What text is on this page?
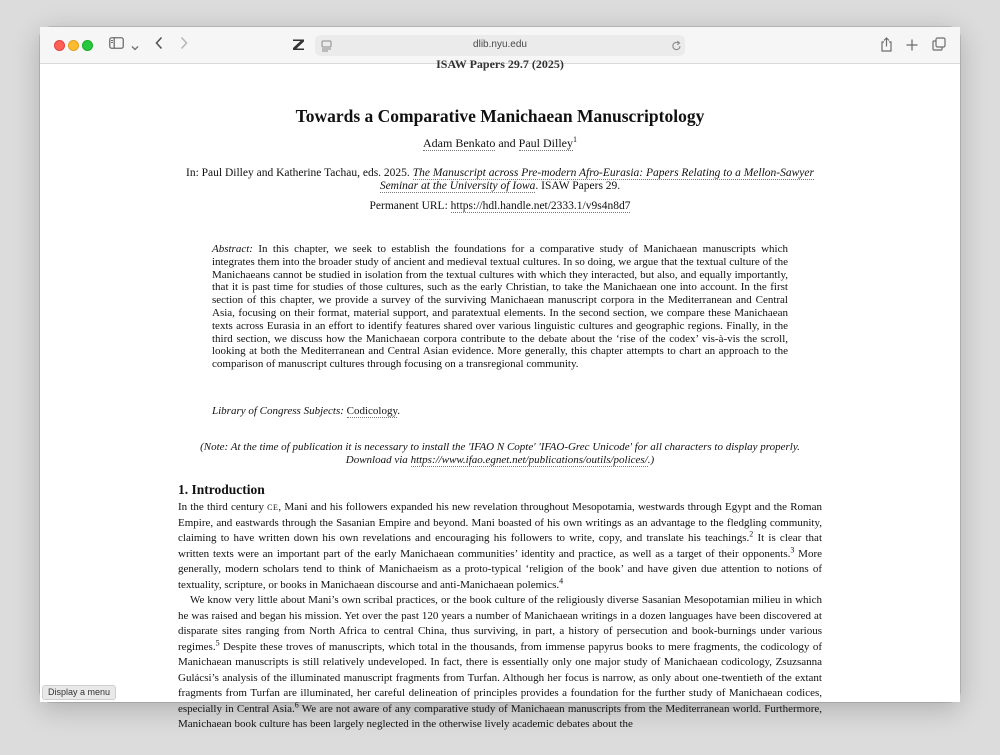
dlib.nyu.edu
ISAW Papers 29.7 (2025)
Towards a Comparative Manichaean Manuscriptology
Adam Benkato and Paul Dilley$^1$
In: Paul Dilley and Katherine Tachau, eds. 2025. The Manuscript across Pre-modern Afro-Eurasia: Papers Relating to a Mellon-Sawyer Seminar at the University of Iowa. ISAW Papers 29.
Permanent URL: https://hdl.handle.net/2333.1/v9s4n8d7
Abstract: In this chapter, we seek to establish the foundations for a comparative study of Manichaean manuscripts which integrates them into the broader study of ancient and medieval textual cultures. In so doing, we argue that the textual culture of the Manichaeans cannot be studied in isolation from the textual cultures with which they interacted, but also, and equally importantly, that it is past time for studies of those cultures, such as the early Christian, to take the Manichaean one into account. In the first section of this chapter, we provide a survey of the surviving Manichaean manuscript corpora in the Mediterranean and Central Asia, focusing on their format, material support, and paratextual elements. In the second section, we compare these Manichaean texts across Eurasia in an effort to identify features shared over various linguistic cultures and geographic regions. Finally, in the third section, we discuss how the Manichaean corpora contribute to the debate about the ‘rise of the codex’ vis-à-vis the scroll, looking at both the Mediterranean and Central Asian evidence. More generally, this chapter attempts to chart an approach to the comparison of manuscript cultures through focusing on a transregional community.
Library of Congress Subjects: Codicology.
(Note: At the time of publication it is necessary to install the 'IFAO N Copte' 'IFAO-Grec Unicode' for all characters to display properly. Download via https://www.ifao.egnet.net/publications/outils/polices/.)
1. Introduction

In the third century CE, Mani and his followers expanded his new revelation throughout Mesopotamia, westwards through Egypt and the Roman Empire, and eastwards through the Sasanian Empire and beyond. Mani boasted of his own writings as an advantage to the fledgling community, claiming to have written down his own revelations and encouraging his followers to write, copy, and translate his teachings.$^2$ It is clear that written texts were an important part of the early Manichaean communities’ identity and practice, as well as a target of their opponents.$^3$ More generally, modern scholars tend to think of Manichaeism as a proto-typical ‘religion of the book’ and have given due attention to notions of textuality, scripture, or books in Manichaean discourse and anti-Manichaean polemics.$^4$

We know very little about Mani’s own scribal practices, or the book culture of the religiously diverse Sasanian Mesopotamian milieu in which he was raised and began his mission. Yet over the past 120 years a number of Manichaean writings in a dozen languages have been discovered at disparate sites ranging from North Africa to central China, thus surviving, in part, a history of persecution and book-burnings under various regimes.$^5$ Despite these troves of manuscripts, which total in the thousands, from immense papyrus books to mere fragments, the codicology of Manichaean manuscripts is still relatively undeveloped. In fact, there is essentially only one major study of Manichaean codicology, Zsuzsanna Gulácsi’s analysis of the illuminated manuscript fragments from Turfan. Although her focus is narrow, as only about one-twentieth of the extant fragments from Turfan are illuminated, her careful delineation of principles provides a foundation for the further study of Manichaean codices, especially in Central Asia.$^6$ We are not aware of any comparative study of Manichaean manuscripts from the Mediterranean world. Furthermore, Manichaean book culture has been largely neglected in the otherwise lively academic debates about the

Display a menu
